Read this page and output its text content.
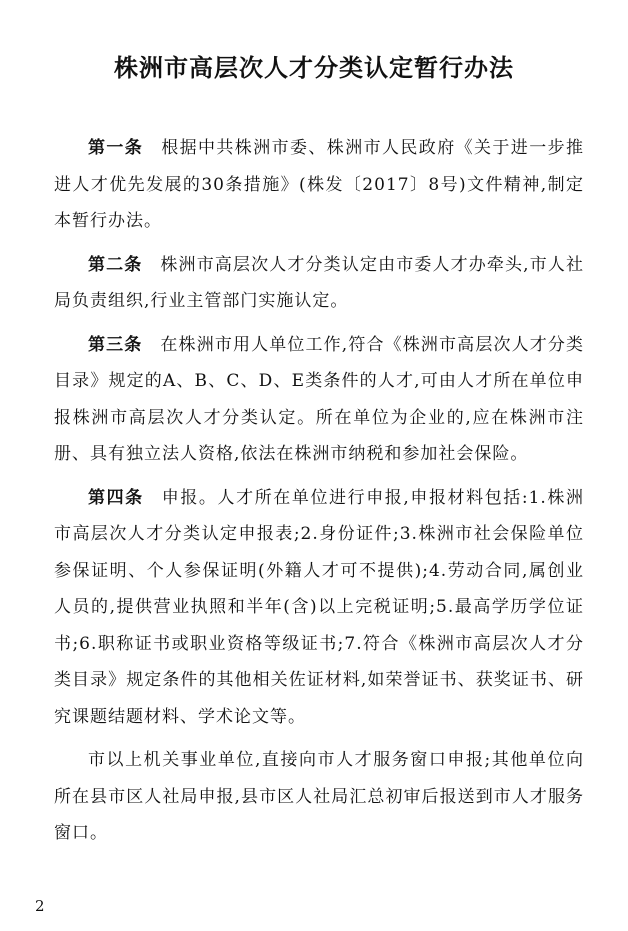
株洲市高层次人才分类认定暂行办法

第一条 根据中共株洲市委、株洲市人民政府《关于进一步推进人才优先发展的30条措施》(株发〔2017〕8号)文件精神,制定本暂行办法。

第二条 株洲市高层次人才分类认定由市委人才办牵头,市人社局负责组织,行业主管部门实施认定。

第三条 在株洲市用人单位工作,符合《株洲市高层次人才分类目录》规定的A、B、C、D、E类条件的人才,可由人才所在单位申报株洲市高层次人才分类认定。所在单位为企业的,应在株洲市注册、具有独立法人资格,依法在株洲市纳税和参加社会保险。

第四条 申报。人才所在单位进行申报,申报材料包括:1.株洲市高层次人才分类认定申报表;2.身份证件;3.株洲市社会保险单位参保证明、个人参保证明(外籍人才可不提供);4.劳动合同,属创业人员的,提供营业执照和半年(含)以上完税证明;5.最高学历学位证书;6.职称证书或职业资格等级证书;7.符合《株洲市高层次人才分类目录》规定条件的其他相关佐证材料,如荣誉证书、获奖证书、研究课题结题材料、学术论文等。

市以上机关事业单位,直接向市人才服务窗口申报;其他单位向所在县市区人社局申报,县市区人社局汇总初审后报送到市人才服务窗口。

2
